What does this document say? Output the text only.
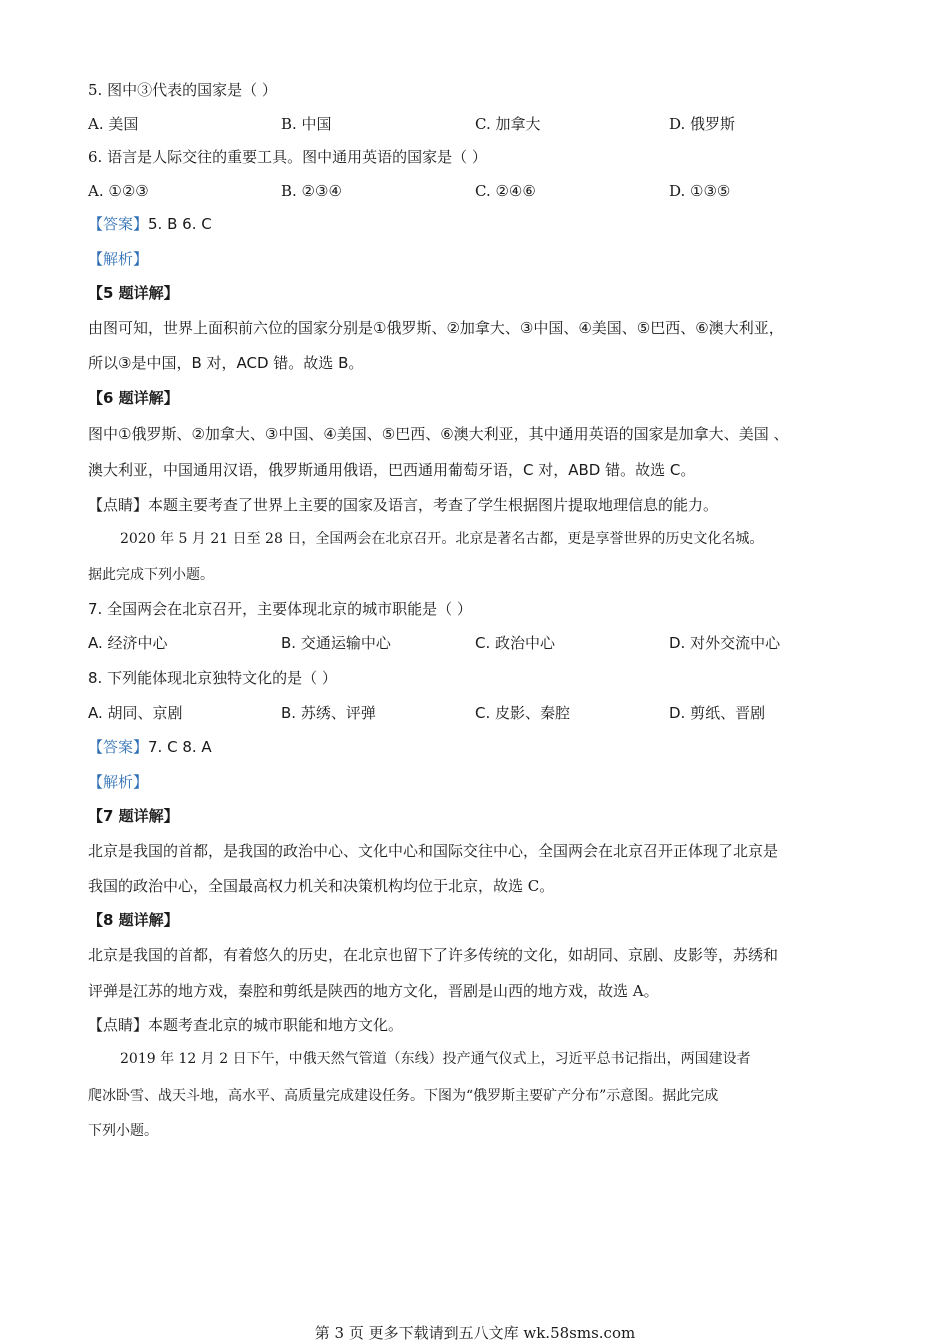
5. 图中③代表的国家是（ ）
A. 美国	B. 中国	C. 加拿大	D. 俄罗斯
6. 语言是人际交往的重要工具。图中通用英语的国家是（ ）
A. ①②③	B. ②③④	C. ②④⑥	D. ①③⑤
【答案】5. B 6. C
【解析】
【5 题详解】
由图可知，世界上面积前六位的国家分别是①俄罗斯、②加拿大、③中国、④美国、⑤巴西、⑥澳大利亚，
所以③是中国，B 对，ACD 错。故选 B。
【6 题详解】
图中①俄罗斯、②加拿大、③中国、④美国、⑤巴西、⑥澳大利亚，其中通用英语的国家是加拿大、美国 、
澳大利亚，中国通用汉语，俄罗斯通用俄语，巴西通用葡萄牙语，C 对，ABD 错。故选 C。
【点睛】本题主要考查了世界上主要的国家及语言，考查了学生根据图片提取地理信息的能力。
2020 年 5 月 21 日至 28 日，全国两会在北京召开。北京是著名古都，更是享誉世界的历史文化名城。
据此完成下列小题。
7. 全国两会在北京召开，主要体现北京的城市职能是（ ）
A. 经济中心	B. 交通运输中心	C. 政治中心	D. 对外交流中心
8. 下列能体现北京独特文化的是（ ）
A. 胡同、京剧	B. 苏绣、评弹	C. 皮影、秦腔	D. 剪纸、晋剧
【答案】7. C 8. A
【解析】
【7 题详解】
北京是我国的首都，是我国的政治中心、文化中心和国际交往中心，全国两会在北京召开正体现了北京是
我国的政治中心，全国最高权力机关和决策机构均位于北京，故选 C。
【8 题详解】
北京是我国的首都，有着悠久的历史，在北京也留下了许多传统的文化，如胡同、京剧、皮影等，苏绣和
评弹是江苏的地方戏，秦腔和剪纸是陕西的地方文化，晋剧是山西的地方戏，故选 A。
【点睛】本题考查北京的城市职能和地方文化。
2019 年 12 月 2 日下午，中俄天然气管道（东线）投产通气仪式上，习近平总书记指出，两国建设者
爬冰卧雪、战天斗地，高水平、高质量完成建设任务。下图为“俄罗斯主要矿产分布”示意图。据此完成
下列小题。
第 3 页 更多下载请到五八文库 wk.58sms.com
